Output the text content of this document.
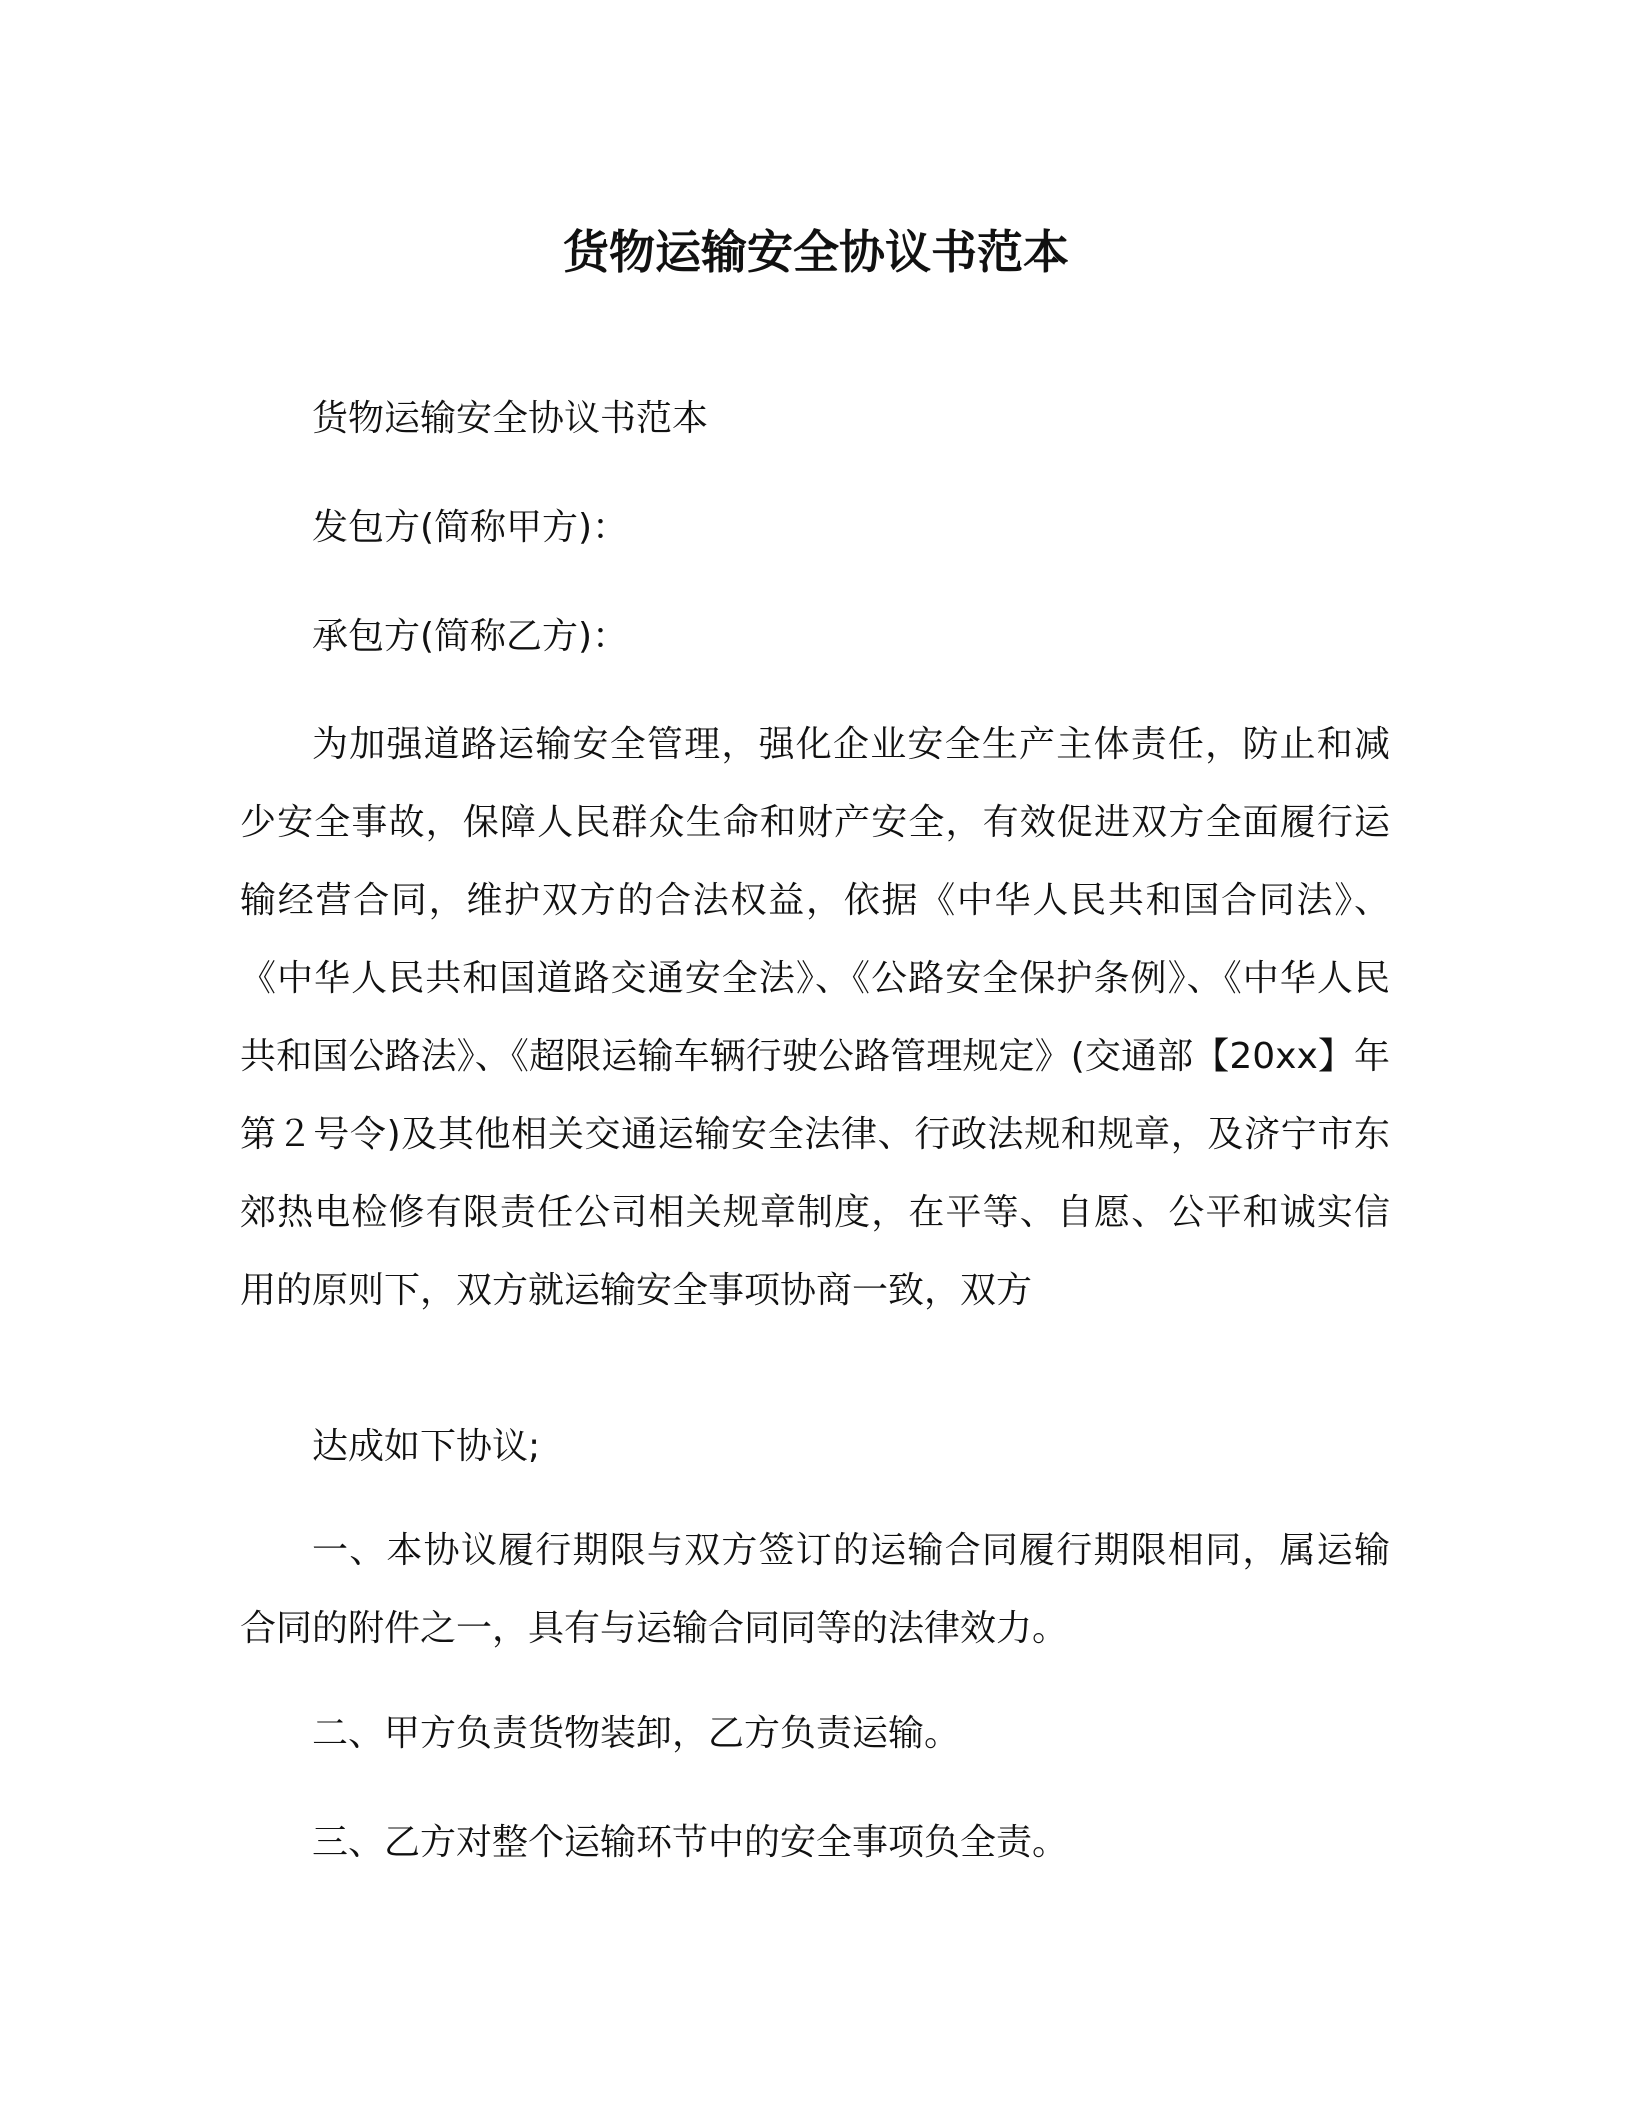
货物运输安全协议书范本
货物运输安全协议书范本
发包方(简称甲方)：
承包方(简称乙方)：

为加强道路运输安全管理，强化企业安全生产主体责任，防止和减少安全事故，保障人民群众生命和财产安全，有效促进双方全面履行运输经营合同，维护双方的合法权益，依据《中华人民共和国合同法》、《中华人民共和国道路交通安全法》、《公路安全保护条例》、《中华人民共和国公路法》、《超限运输车辆行驶公路管理规定》(交通部【20xx】年第２号令)及其他相关交通运输安全法律、行政法规和规章，及济宁市东郊热电检修有限责任公司相关规章制度，在平等、自愿、公平和诚实信用的原则下，双方就运输安全事项协商一致，双方

达成如下协议;

一、本协议履行期限与双方签订的运输合同履行期限相同，属运输合同的附件之一，具有与运输合同同等的法律效力。

二、甲方负责货物装卸，乙方负责运输。
三、乙方对整个运输环节中的安全事项负全责。
